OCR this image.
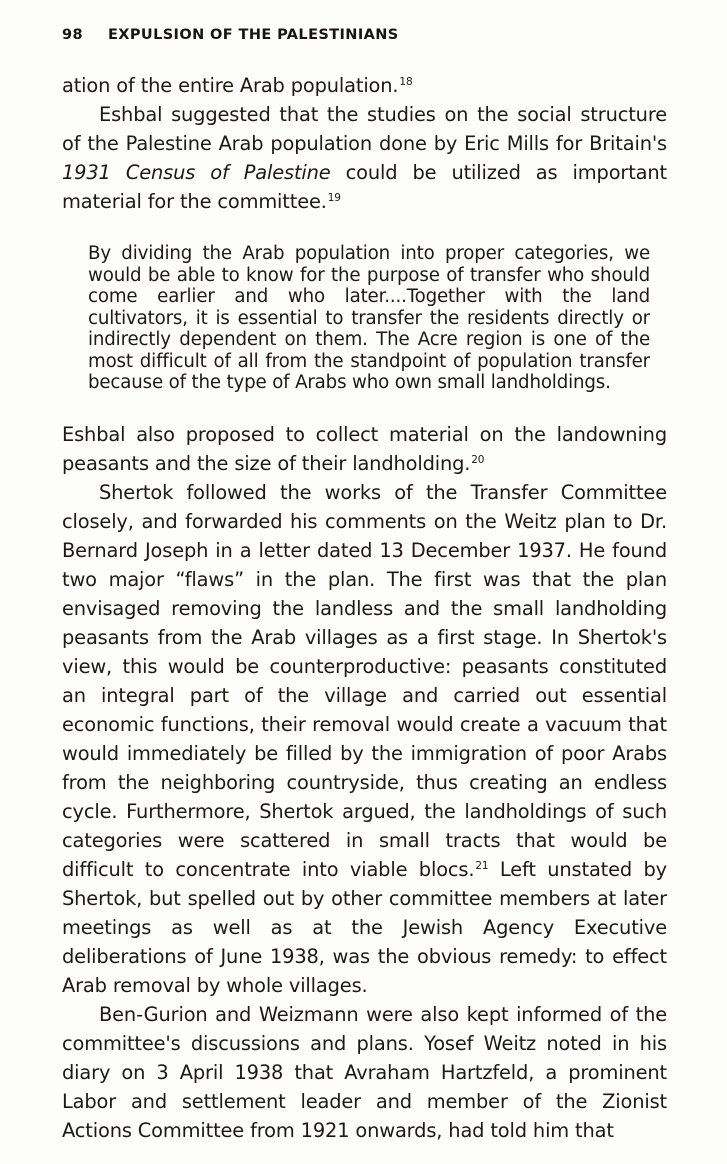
98 EXPULSION OF THE PALESTINIANS

ation of the entire Arab population.$^{18}$

Eshbal suggested that the studies on the social structure of the Palestine Arab population done by Eric Mills for Britain's 1931 Census of Palestine could be utilized as important material for the committee.$^{19}$

By dividing the Arab population into proper categories, we would be able to know for the purpose of transfer who should come earlier and who later....Together with the land cultivators, it is essential to transfer the residents directly or indirectly dependent on them. The Acre region is one of the most difficult of all from the standpoint of population transfer because of the type of Arabs who own small landholdings.

Eshbal also proposed to collect material on the landowning peasants and the size of their landholding.$^{20}$

Shertok followed the works of the Transfer Committee closely, and forwarded his comments on the Weitz plan to Dr. Bernard Joseph in a letter dated 13 December 1937. He found two major “flaws” in the plan. The first was that the plan envisaged removing the landless and the small landholding peasants from the Arab villages as a first stage. In Shertok's view, this would be counterproductive: peasants constituted an integral part of the village and carried out essential economic functions, their removal would create a vacuum that would immediately be filled by the immigration of poor Arabs from the neighboring countryside, thus creating an endless cycle. Furthermore, Shertok argued, the landholdings of such categories were scattered in small tracts that would be difficult to concentrate into viable blocs.$^{21}$ Left unstated by Shertok, but spelled out by other committee members at later meetings as well as at the Jewish Agency Executive deliberations of June 1938, was the obvious remedy: to effect Arab removal by whole villages.

Ben-Gurion and Weizmann were also kept informed of the committee's discussions and plans. Yosef Weitz noted in his diary on 3 April 1938 that Avraham Hartzfeld, a prominent Labor and settlement leader and member of the Zionist Actions Committee from 1921 onwards, had told him that
